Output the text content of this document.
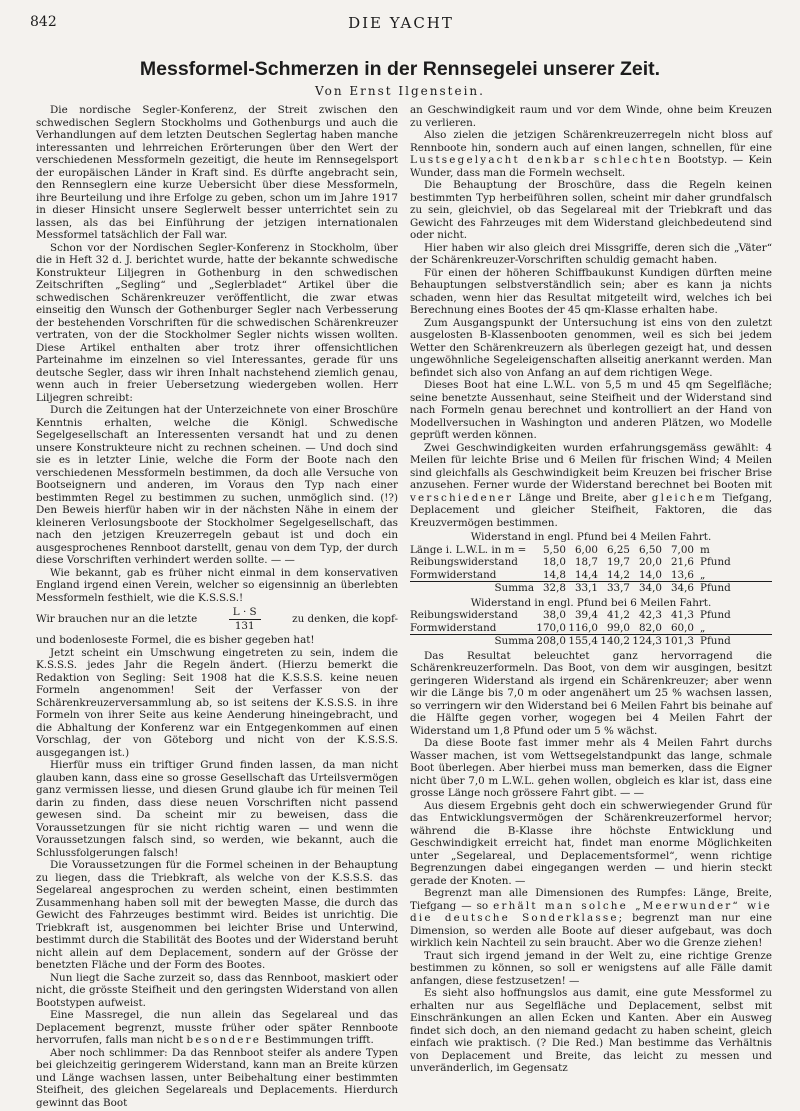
842	DIE YACHT
Messformel-Schmerzen in der Rennsegelei unserer Zeit.
Von Ernst Ilgenstein.

Die nordische Segler-Konferenz, der Streit zwischen den schwedischen Seglern Stockholms und Gothenburgs und auch die Verhandlungen auf dem letzten Deutschen Seglertag haben manche interessanten und lehrreichen Erörterungen über den Wert der verschiedenen Messformeln gezeitigt, die heute im Rennsegelsport der europäischen Länder in Kraft sind. Es dürfte angebracht sein, den Rennseglern eine kurze Uebersicht über diese Messformeln, ihre Beurteilung und ihre Erfolge zu geben, schon um im Jahre 1917 in dieser Hinsicht unsere Seglerwelt besser unterrichtet sein zu lassen, als das bei Einführung der jetzigen internationalen Messformel tatsächlich der Fall war.

Schon vor der Nordischen Segler-Konferenz in Stockholm, über die in Heft 32 d. J. berichtet wurde, hatte der bekannte schwedische Konstrukteur Liljegren in Gothenburg in den schwedischen Zeitschriften „Segling“ und „Seglerbladet“ Artikel über die schwedischen Schärenkreuzer veröffentlicht, die zwar etwas einseitig den Wunsch der Gothenburger Segler nach Verbesserung der bestehenden Vorschriften für die schwedischen Schärenkreuzer vertraten, von der die Stockholmer Segler nichts wissen wollten. Diese Artikel enthalten aber trotz ihrer offensichtlichen Parteinahme im einzelnen so viel Interessantes, gerade für uns deutsche Segler, dass wir ihren Inhalt nachstehend ziemlich genau, wenn auch in freier Uebersetzung wiedergeben wollen. Herr Liljegren schreibt:

Durch die Zeitungen hat der Unterzeichnete von einer Broschüre Kenntnis erhalten, welche die Königl. Schwedische Segelgesellschaft an Interessenten versandt hat und zu denen unsere Konstrukteure nicht zu rechnen scheinen. — Und doch sind sie es in letzter Linie, welche die Form der Boote nach den verschiedenen Messformeln bestimmen, da doch alle Versuche von Bootseignern und anderen, im Voraus den Typ nach einer bestimmten Regel zu bestimmen zu suchen, unmöglich sind. (!?) Den Beweis hierfür haben wir in der nächsten Nähe in einem der kleineren Verlosungsboote der Stockholmer Segelgesellschaft, das nach den jetzigen Kreuzerregeln gebaut ist und doch ein ausgesprochenes Rennboot darstellt, genau von dem Typ, der durch diese Vorschriften verhindert werden sollte. — —

Wie bekannt, gab es früher nicht einmal in dem konservativen England irgend einen Verein, welcher so eigensinnig an überlebten Messformeln festhielt, wie die K.S.S.S.!

Wir brauchen nur an die letzte	$\frac{L \cdot S}{131}$	zu denken, die kopf-

und bodenloseste Formel, die es bisher gegeben hat!

Jetzt scheint ein Umschwung eingetreten zu sein, indem die K.S.S.S. jedes Jahr die Regeln ändert. (Hierzu bemerkt die Redaktion von Segling: Seit 1908 hat die K.S.S.S. keine neuen Formeln angenommen! Seit der Verfasser von der Schärenkreuzerversammlung ab, so ist seitens der K.S.S.S. in ihre Formeln von ihrer Seite aus keine Aenderung hineingebracht, und die Abhaltung der Konferenz war ein Entgegenkommen auf einen Vorschlag, der von Göteborg und nicht von der K.S.S.S. ausgegangen ist.)

Hierfür muss ein triftiger Grund finden lassen, da man nicht glauben kann, dass eine so grosse Gesellschaft das Urteilsvermögen ganz vermissen liesse, und diesen Grund glaube ich für meinen Teil darin zu finden, dass diese neuen Vorschriften nicht passend gewesen sind. Da scheint mir zu beweisen, dass die Voraussetzungen für sie nicht richtig waren — und wenn die Voraussetzungen falsch sind, so werden, wie bekannt, auch die Schlussfolgerungen falsch!

Die Voraussetzungen für die Formel scheinen in der Behauptung zu liegen, dass die Triebkraft, als welche von der K.S.S.S. das Segelareal angesprochen zu werden scheint, einen bestimmten Zusammenhang haben soll mit der bewegten Masse, die durch das Gewicht des Fahrzeuges bestimmt wird. Beides ist unrichtig. Die Triebkraft ist, ausgenommen bei leichter Brise und Unterwind, bestimmt durch die Stabilität des Bootes und der Widerstand beruht nicht allein auf dem Deplacement, sondern auf der Grösse der benetzten Fläche und der Form des Bootes.

Nun liegt die Sache zurzeit so, dass das Rennboot, maskiert oder nicht, die grösste Steifheit und den geringsten Widerstand von allen Bootstypen aufweist.

Eine Massregel, die nun allein das Segelareal und das Deplacement begrenzt, musste früher oder später Rennboote hervorrufen, falls man nicht besondere Bestimmungen trifft.

Aber noch schlimmer: Da das Rennboot steifer als andere Typen bei gleichzeitig geringerem Widerstand, kann man an Breite kürzen und Länge wachsen lassen, unter Beibehaltung einer bestimmten Steifheit, des gleichen Segelareals und Deplacements. Hierdurch gewinnt das Boot

an Geschwindigkeit raum und vor dem Winde, ohne beim Kreuzen zu verlieren.

Also zielen die jetzigen Schärenkreuzerregeln nicht bloss auf Rennboote hin, sondern auch auf einen langen, schnellen, für eine Lustsegelyacht denkbar schlechten Bootstyp. — Kein Wunder, dass man die Formeln wechselt.

Die Behauptung der Broschüre, dass die Regeln keinen bestimmten Typ herbeiführen sollen, scheint mir daher grundfalsch zu sein, gleichviel, ob das Segelareal mit der Triebkraft und das Gewicht des Fahrzeuges mit dem Widerstand gleichbedeutend sind oder nicht.

Hier haben wir also gleich drei Missgriffe, deren sich die „Väter“ der Schärenkreuzer-Vorschriften schuldig gemacht haben.

Für einen der höheren Schiffbaukunst Kundigen dürften meine Behauptungen selbstverständlich sein; aber es kann ja nichts schaden, wenn hier das Resultat mitgeteilt wird, welches ich bei Berechnung eines Bootes der 45 qm-Klasse erhalten habe.

Zum Ausgangspunkt der Untersuchung ist eins von den zuletzt ausgelosten B-Klassenbooten genommen, weil es sich bei jedem Wetter den Schärenkreuzern als überlegen gezeigt hat, und dessen ungewöhnliche Segeleigenschaften allseitig anerkannt werden. Man befindet sich also von Anfang an auf dem richtigen Wege.

Dieses Boot hat eine L.W.L. von 5,5 m und 45 qm Segelfläche; seine benetzte Aussenhaut, seine Steifheit und der Widerstand sind nach Formeln genau berechnet und kontrolliert an der Hand von Modellversuchen in Washington und anderen Plätzen, wo Modelle geprüft werden können.

Zwei Geschwindigkeiten wurden erfahrungsgemäss gewählt: 4 Meilen für leichte Brise und 6 Meilen für frischen Wind; 4 Meilen sind gleichfalls als Geschwindigkeit beim Kreuzen bei frischer Brise anzusehen. Ferner wurde der Widerstand berechnet bei Booten mit verschiedener Länge und Breite, aber gleichem Tiefgang, Deplacement und gleicher Steifheit, Faktoren, die das Kreuzvermögen bestimmen.

Widerstand in engl. Pfund bei 4 Meilen Fahrt.
Länge i. L.W.L. in m =	5,50 6,00 6,25 6,50 7,00 m
Reibungswiderstand	18,0 18,7 19,7 20,0 21,6 Pfund
Formwiderstand	14,8 14,4 14,2 14,0 13,6 „
Summa 32,8 33,1 33,7 34,0 34,6 Pfund
Widerstand in engl. Pfund bei 6 Meilen Fahrt.
Reibungswiderstand	38,0 39,4 41,2 42,3 41,3 Pfund
Formwiderstand	170,0 116,0 99,0 82,0 60,0 „
Summa 208,0 155,4 140,2 124,3 101,3 Pfund

Das Resultat beleuchtet ganz hervorragend die Schärenkreuzerformeln. Das Boot, von dem wir ausgingen, besitzt geringeren Widerstand als irgend ein Schärenkreuzer; aber wenn wir die Länge bis 7,0 m oder angenähert um 25 % wachsen lassen, so verringern wir den Widerstand bei 6 Meilen Fahrt bis beinahe auf die Hälfte gegen vorher, wogegen bei 4 Meilen Fahrt der Widerstand um 1,8 Pfund oder um 5 % wächst.

Da diese Boote fast immer mehr als 4 Meilen Fahrt durchs Wasser machen, ist vom Wettsegelstandpunkt das lange, schmale Boot überlegen. Aber hierbei muss man bemerken, dass die Eigner nicht über 7,0 m L.W.L. gehen wollen, obgleich es klar ist, dass eine grosse Länge noch grössere Fahrt gibt. — —

Aus diesem Ergebnis geht doch ein schwerwiegender Grund für das Entwicklungsvermögen der Schärenkreuzerformel hervor; während die B-Klasse ihre höchste Entwicklung und Geschwindigkeit erreicht hat, findet man enorme Möglichkeiten unter „Segelareal, und Deplacementsformel“, wenn richtige Begrenzungen dabei eingegangen werden — und hierin steckt gerade der Knoten. —

Begrenzt man alle Dimensionen des Rumpfes: Länge, Breite, Tiefgang — so erhält man solche „Meerwunder“ wie die deutsche Sonderklasse; begrenzt man nur eine Dimension, so werden alle Boote auf dieser aufgebaut, was doch wirklich kein Nachteil zu sein braucht. Aber wo die Grenze ziehen!

Traut sich irgend jemand in der Welt zu, eine richtige Grenze bestimmen zu können, so soll er wenigstens auf alle Fälle damit anfangen, diese festzusetzen! —

Es sieht also hoffnungslos aus damit, eine gute Messformel zu erhalten nur aus Segelfläche und Deplacement, selbst mit Einschränkungen an allen Ecken und Kanten. Aber ein Ausweg findet sich doch, an den niemand gedacht zu haben scheint, gleich einfach wie praktisch. (? Die Red.) Man bestimme das Verhältnis von Deplacement und Breite, das leicht zu messen und unveränderlich, im Gegensatz
